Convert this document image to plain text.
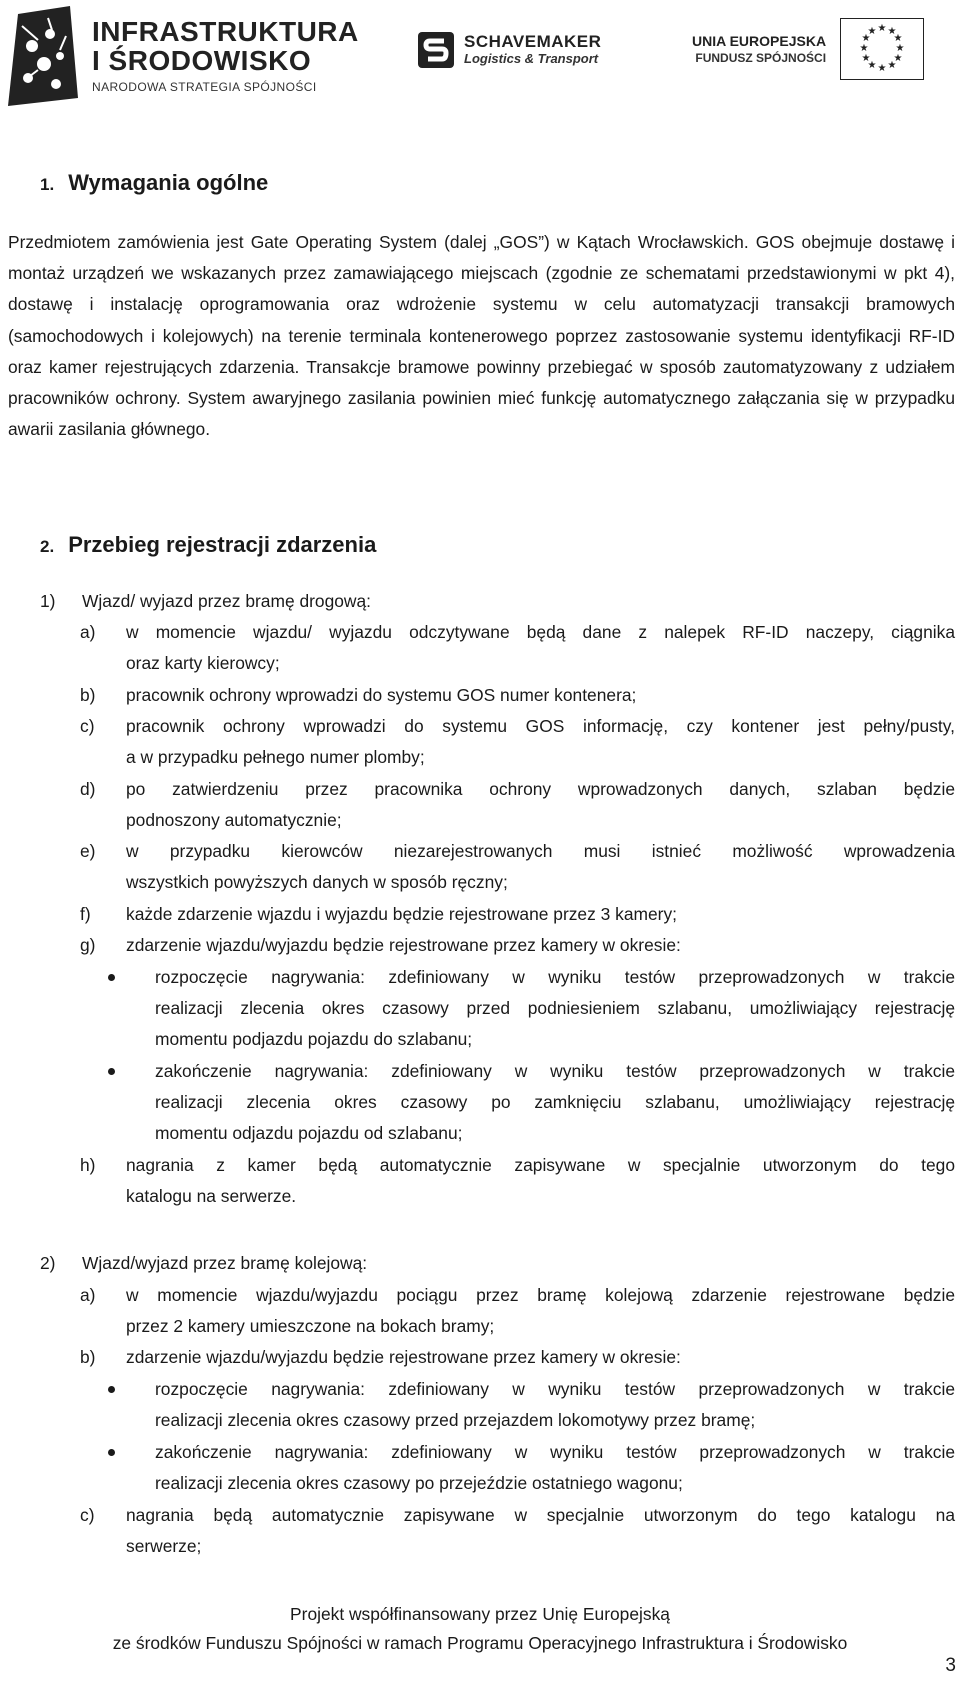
INFRASTRUKTURA
I ŚRODOWISKO
NARODOWA STRATEGIA SPÓJNOŚCI
SCHAVEMAKER
Logistics & Transport
UNIA EUROPEJSKA
FUNDUSZ SPÓJNOŚCI
★ ★
★
★
★
★
★
★
★
★
★
★
1. Wymagania ogólne
Przedmiotem zamówienia jest Gate Operating System (dalej „GOS”) w Kątach Wrocławskich. GOS obejmuje dostawę i montaż urządzeń we wskazanych przez zamawiającego miejscach (zgodnie ze schematami przedstawionymi w pkt 4), dostawę i instalację oprogramowania oraz wdrożenie systemu w celu automatyzacji transakcji bramowych (samochodowych i kolejowych) na terenie terminala kontenerowego poprzez zastosowanie systemu identyfikacji RF-ID oraz kamer rejestrujących zdarzenia. Transakcje bramowe powinny przebiegać w sposób zautomatyzowany z udziałem pracowników ochrony. System awaryjnego zasilania powinien mieć funkcję automatycznego załączania się w przypadku awarii zasilania głównego.
2. Przebieg rejestracji zdarzenia
1) Wjazd/ wyjazd przez bramę drogową:
a) w momencie wjazdu/ wyjazdu odczytywane będą dane z nalepek RF-ID naczepy, ciągnika
oraz karty kierowcy;
b) pracownik ochrony wprowadzi do systemu GOS numer kontenera;
c) pracownik ochrony wprowadzi do systemu GOS informację, czy kontener jest pełny/pusty,
a w przypadku pełnego numer plomby;
d) po zatwierdzeniu przez pracownika ochrony wprowadzonych danych, szlaban będzie
podnoszony automatycznie;
e) w przypadku kierowców niezarejestrowanych musi istnieć możliwość wprowadzenia
wszystkich powyższych danych w sposób ręczny;
f) każde zdarzenie wjazdu i wyjazdu będzie rejestrowane przez 3 kamery;
g) zdarzenie wjazdu/wyjazdu będzie rejestrowane przez kamery w okresie:
rozpoczęcie nagrywania: zdefiniowany w wyniku testów przeprowadzonych w trakcie
realizacji zlecenia okres czasowy przed podniesieniem szlabanu, umożliwiający rejestrację
momentu podjazdu pojazdu do szlabanu;
zakończenie nagrywania: zdefiniowany w wyniku testów przeprowadzonych w trakcie
realizacji zlecenia okres czasowy po zamknięciu szlabanu, umożliwiający rejestrację
momentu odjazdu pojazdu od szlabanu;
h) nagrania z kamer będą automatycznie zapisywane w specjalnie utworzonym do tego
katalogu na serwerze.
2) Wjazd/wyjazd przez bramę kolejową:
a) w momencie wjazdu/wyjazdu pociągu przez bramę kolejową zdarzenie rejestrowane będzie
przez 2 kamery umieszczone na bokach bramy;
b) zdarzenie wjazdu/wyjazdu będzie rejestrowane przez kamery w okresie:
rozpoczęcie nagrywania: zdefiniowany w wyniku testów przeprowadzonych w trakcie
realizacji zlecenia okres czasowy przed przejazdem lokomotywy przez bramę;
zakończenie nagrywania: zdefiniowany w wyniku testów przeprowadzonych w trakcie
realizacji zlecenia okres czasowy po przejeździe ostatniego wagonu;
c) nagrania będą automatycznie zapisywane w specjalnie utworzonym do tego katalogu na
serwerze;
Projekt współfinansowany przez Unię Europejską
ze środków Funduszu Spójności w ramach Programu Operacyjnego Infrastruktura i Środowisko
3
